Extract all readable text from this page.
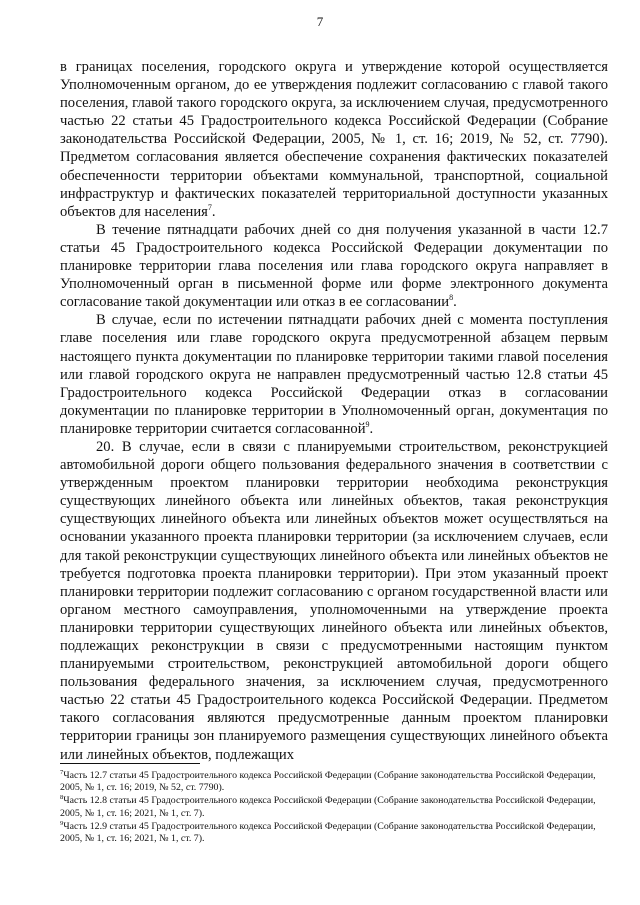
7

в границах поселения, городского округа и утверждение которой осуществляется Уполномоченным органом, до ее утверждения подлежит согласованию с главой такого поселения, главой такого городского округа, за исключением случая, предусмотренного частью 22 статьи 45 Градостроительного кодекса Российской Федерации (Собрание законодательства Российской Федерации, 2005, № 1, ст. 16; 2019, № 52, ст. 7790). Предметом согласования является обеспечение сохранения фактических показателей обеспеченности территории объектами коммунальной, транспортной, социальной инфраструктур и фактических показателей территориальной доступности указанных объектов для населения$^7$.

В течение пятнадцати рабочих дней со дня получения указанной в части 12.7 статьи 45 Градостроительного кодекса Российской Федерации документации по планировке территории глава поселения или глава городского округа направляет в Уполномоченный орган в письменной форме или форме электронного документа согласование такой документации или отказ в ее согласовании$^8$.

В случае, если по истечении пятнадцати рабочих дней с момента поступления главе поселения или главе городского округа предусмотренной абзацем первым настоящего пункта документации по планировке территории такими главой поселения или главой городского округа не направлен предусмотренный частью 12.8 статьи 45 Градостроительного кодекса Российской Федерации отказ в согласовании документации по планировке территории в Уполномоченный орган, документация по планировке территории считается согласованной$^9$.

20. В случае, если в связи с планируемыми строительством, реконструкцией автомобильной дороги общего пользования федерального значения в соответствии с утвержденным проектом планировки территории необходима реконструкция существующих линейного объекта или линейных объектов, такая реконструкция существующих линейного объекта или линейных объектов может осуществляться на основании указанного проекта планировки территории (за исключением случаев, если для такой реконструкции существующих линейного объекта или линейных объектов не требуется подготовка проекта планировки территории). При этом указанный проект планировки территории подлежит согласованию с органом государственной власти или органом местного самоуправления, уполномоченными на утверждение проекта планировки территории существующих линейного объекта или линейных объектов, подлежащих реконструкции в связи с предусмотренными настоящим пунктом планируемыми строительством, реконструкцией автомобильной дороги общего пользования федерального значения, за исключением случая, предусмотренного частью 22 статьи 45 Градостроительного кодекса Российской Федерации. Предметом такого согласования являются предусмотренные данным проектом планировки территории границы зон планируемого размещения существующих линейного объекта или линейных объектов, подлежащих

$^7$Часть 12.7 статьи 45 Градостроительного кодекса Российской Федерации (Собрание законодательства Российской Федерации, 2005, № 1, ст. 16; 2019, № 52, ст. 7790).

$^8$Часть 12.8 статьи 45 Градостроительного кодекса Российской Федерации (Собрание законодательства Российской Федерации, 2005, № 1, ст. 16; 2021, № 1, ст. 7).

$^9$Часть 12.9 статьи 45 Градостроительного кодекса Российской Федерации (Собрание законодательства Российской Федерации, 2005, № 1, ст. 16; 2021, № 1, ст. 7).
